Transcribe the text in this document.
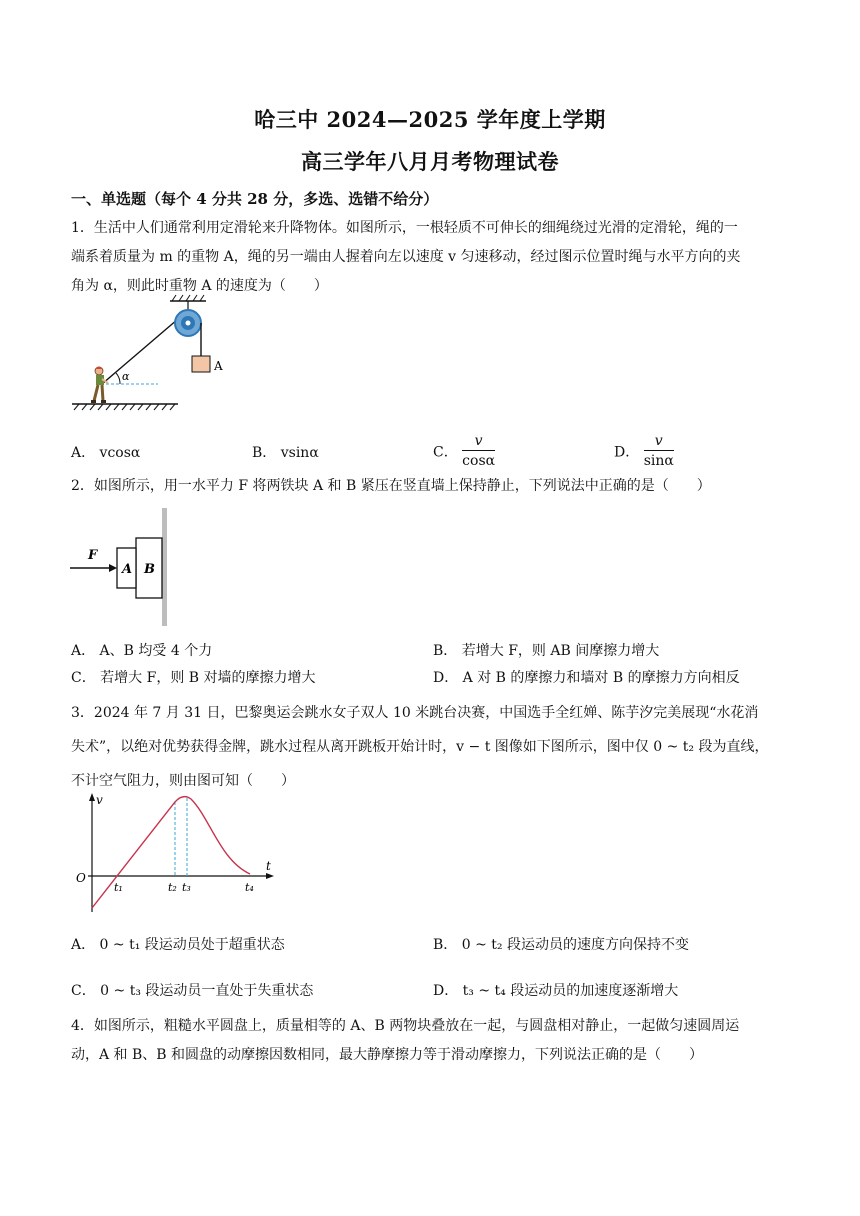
哈三中 2024—2025 学年度上学期
高三学年八月月考物理试卷
一、单选题（每个 4 分共 28 分，多选、选错不给分）
1．生活中人们通常利用定滑轮来升降物体。如图所示，一根轻质不可伸长的细绳绕过光滑的定滑轮，绳的一
端系着质量为 m 的重物 A，绳的另一端由人握着向左以速度 v 匀速移动，经过图示位置时绳与水平方向的夹
角为 α，则此时重物 A 的速度为（　　）
A
α
A． vcosα	B． vsinα	C． $\frac{v}{\cos\alpha}$	D． $\frac{v}{\sin\alpha}$
2．如图所示，用一水平力 F 将两铁块 A 和 B 紧压在竖直墙上保持静止，下列说法中正确的是（　　）
F
A B
A． A、B 均受 4 个力	B． 若增大 F，则 AB 间摩擦力增大
C． 若增大 F，则 B 对墙的摩擦力增大	D． A 对 B 的摩擦力和墙对 B 的摩擦力方向相反
3．2024 年 7 月 31 日，巴黎奥运会跳水女子双人 10 米跳台决赛，中国选手全红婵、陈芋汐完美展现“水花消
失术”，以绝对优势获得金牌，跳水过程从离开跳板开始计时，v − t 图像如下图所示，图中仅 0 ~ t₂ 段为直线，
不计空气阻力，则由图可知（　　）
v
t
O
t₁	t₂ t₃	t₄
A． 0 ~ t₁ 段运动员处于超重状态	B． 0 ~ t₂ 段运动员的速度方向保持不变
C． 0 ~ t₃ 段运动员一直处于失重状态	D． t₃ ~ t₄ 段运动员的加速度逐渐增大
4．如图所示，粗糙水平圆盘上，质量相等的 A、B 两物块叠放在一起，与圆盘相对静止，一起做匀速圆周运
动，A 和 B、B 和圆盘的动摩擦因数相同，最大静摩擦力等于滑动摩擦力，下列说法正确的是（　　）
